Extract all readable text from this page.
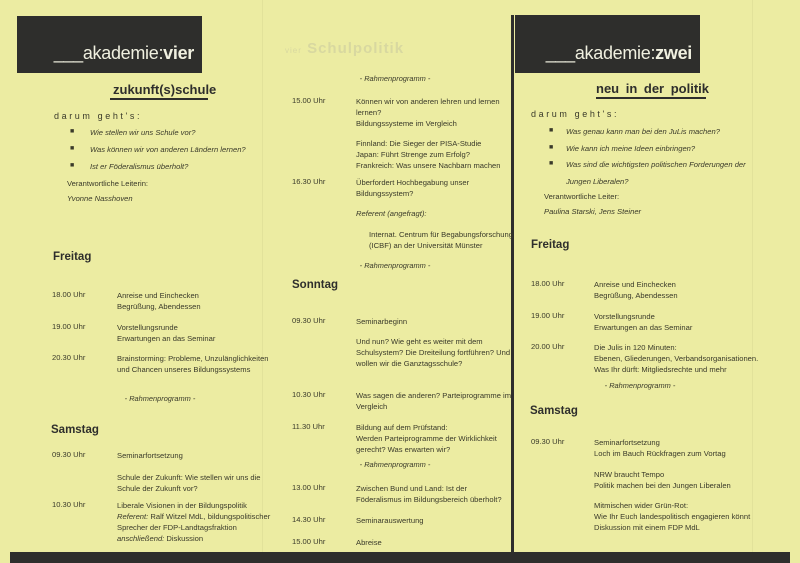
___akademie:vier
zukunft(s)schule
___akademie:zwei
neu in der politik
vier Schulpolitik
darum geht's:
■ Wie stellen wir uns Schule vor?
■ Was können wir von anderen Ländern lernen?
■ Ist er Föderalismus überholt?
Verantwortliche Leiterin:
Yvonne Nasshoven
Freitag
Samstag
- Rahmenprogramm -
18.00 Uhr	Anreise und Einchecken
Begrüßung, Abendessen
19.00 Uhr	Vorstellungsrunde
Erwartungen an das Seminar
20.30 Uhr	Brainstorming: Probleme, Unzulänglichkeiten
und Chancen unseres Bildungssystems
09.30 Uhr	Seminarfortsetzung
Schule der Zukunft: Wie stellen wir uns die
Schule der Zukunft vor?
10.30 Uhr	Liberale Visionen in der Bildungspolitik
Referent: Ralf Witzel MdL, bildungspolitischer
Sprecher der FDP-Landtagsfraktion
anschließend: Diskussion
Sonntag
- Rahmenprogramm -
- Rahmenprogramm -
- Rahmenprogramm -
15.00 Uhr	Können wir von anderen lehren und lernen
lernen?
Bildungssysteme im Vergleich
Finnland: Die Sieger der PISA-Studie
Japan: Führt Strenge zum Erfolg?
Frankreich: Was unsere Nachbarn machen
16.30 Uhr	Überfordert Hochbegabung unser
Bildungssystem?
Referent (angefragt):
Internat. Centrum für Begabungsforschung
(ICBF) an der Universität Münster
09.30 Uhr	Seminarbeginn
Und nun? Wie geht es weiter mit dem
Schulsystem? Die Dreiteilung fortführen? Und
wollen wir die Ganztagsschule?
10.30 Uhr	Was sagen die anderen? Parteiprogramme im
Vergleich
11.30 Uhr	Bildung auf dem Prüfstand:
Werden Parteiprogramme der Wirklichkeit
gerecht? Was erwarten wir?
13.00 Uhr	Zwischen Bund und Land: Ist der
Föderalismus im Bildungsbereich überholt?
14.30 Uhr	Seminarauswertung
15.00 Uhr	Abreise
darum geht's:
■ Was genau kann man bei den JuLis machen?
■ Wie kann ich meine Ideen einbringen?
■ Was sind die wichtigsten politischen Forderungen der
Jungen Liberalen?
Verantwortliche Leiter:
Paulina Starski, Jens Steiner
Freitag
Samstag
- Rahmenprogramm -
18.00 Uhr	Anreise und Einchecken
Begrüßung, Abendessen
19.00 Uhr	Vorstellungsrunde
Erwartungen an das Seminar
20.00 Uhr	Die Julis in 120 Minuten:
Ebenen, Gliederungen, Verbandsorganisationen.
Was Ihr dürft: Mitgliedsrechte und mehr
09.30 Uhr	Seminarfortsetzung
Loch im Bauch Rückfragen zum Vortag
NRW braucht Tempo
Politik machen bei den Jungen Liberalen
Mitmischen wider Grün-Rot:
Wie Ihr Euch landespolitisch engagieren könnt
Diskussion mit einem FDP MdL
